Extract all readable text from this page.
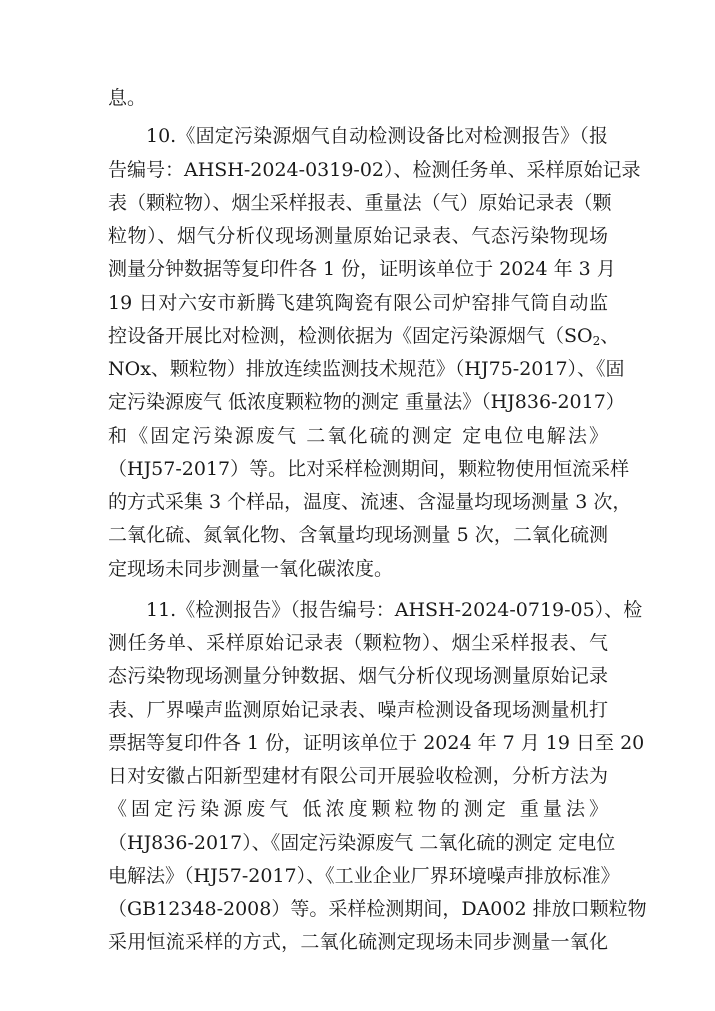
息。
10.《固定污染源烟气自动检测设备比对检测报告》（报
告编号：AHSH-2024-0319-02）、检测任务单、采样原始记录
表（颗粒物）、烟尘采样报表、重量法（气）原始记录表（颗
粒物）、烟气分析仪现场测量原始记录表、气态污染物现场
测量分钟数据等复印件各 1 份，证明该单位于 2024 年 3 月
19 日对六安市新腾飞建筑陶瓷有限公司炉窑排气筒自动监
控设备开展比对检测，检测依据为《固定污染源烟气（$SO_2$、
NOx、颗粒物）排放连续监测技术规范》（HJ75-2017）、《固
定污染源废气 低浓度颗粒物的测定 重量法》（HJ836-2017）
和《固定污染源废气 二氧化硫的测定 定电位电解法》
（HJ57-2017）等。比对采样检测期间，颗粒物使用恒流采样
的方式采集 3 个样品，温度、流速、含湿量均现场测量 3 次，
二氧化硫、氮氧化物、含氧量均现场测量 5 次，二氧化硫测
定现场未同步测量一氧化碳浓度。
11.《检测报告》（报告编号：AHSH-2024-0719-05）、检
测任务单、采样原始记录表（颗粒物）、烟尘采样报表、气
态污染物现场测量分钟数据、烟气分析仪现场测量原始记录
表、厂界噪声监测原始记录表、噪声检测设备现场测量机打
票据等复印件各 1 份，证明该单位于 2024 年 7 月 19 日至 20
日对安徽占阳新型建材有限公司开展验收检测，分析方法为
《固定污染源废气 低浓度颗粒物的测定 重量法》
（HJ836-2017）、《固定污染源废气 二氧化硫的测定 定电位
电解法》（HJ57-2017）、《工业企业厂界环境噪声排放标准》
（GB12348-2008）等。采样检测期间，DA002 排放口颗粒物
采用恒流采样的方式，二氧化硫测定现场未同步测量一氧化
